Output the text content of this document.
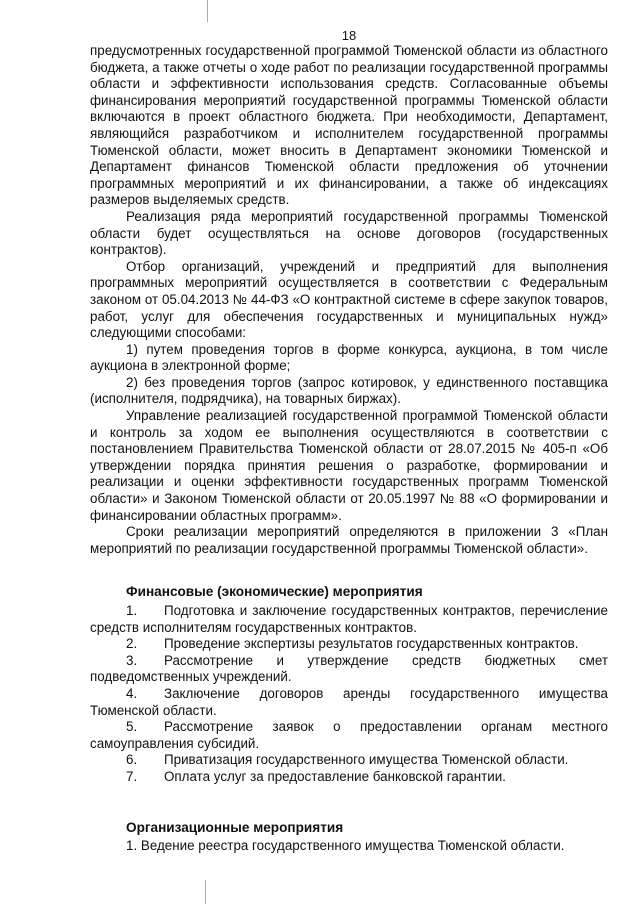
18

предусмотренных государственной программой Тюменской области из областного бюджета, а также отчеты о ходе работ по реализации государственной программы области и эффективности использования средств. Согласованные объемы финансирования мероприятий государственной программы Тюменской области включаются в проект областного бюджета. При необходимости, Департамент, являющийся разработчиком и исполнителем государственной программы Тюменской области, может вносить в Департамент экономики Тюменской и Департамент финансов Тюменской области предложения об уточнении программных мероприятий и их финансировании, а также об индексациях размеров выделяемых средств.

Реализация ряда мероприятий государственной программы Тюменской области будет осуществляться на основе договоров (государственных контрактов).

Отбор организаций, учреждений и предприятий для выполнения программных мероприятий осуществляется в соответствии с Федеральным законом от 05.04.2013 № 44-ФЗ «О контрактной системе в сфере закупок товаров, работ, услуг для обеспечения государственных и муниципальных нужд» следующими способами:

1) путем проведения торгов в форме конкурса, аукциона, в том числе аукциона в электронной форме;

2) без проведения торгов (запрос котировок, у единственного поставщика (исполнителя, подрядчика), на товарных биржах).

Управление реализацией государственной программой Тюменской области и контроль за ходом ее выполнения осуществляются в соответствии с постановлением Правительства Тюменской области от 28.07.2015 № 405-п «Об утверждении порядка принятия решения о разработке, формировании и реализации и оценки эффективности государственных программ Тюменской области» и Законом Тюменской области от 20.05.1997 № 88 «О формировании и финансировании областных программ».

Сроки реализации мероприятий определяются в приложении 3 «План мероприятий по реализации государственной программы Тюменской области».

Финансовые (экономические) мероприятия
1. Подготовка и заключение государственных контрактов, перечисление средств исполнителям государственных контрактов.
2. Проведение экспертизы результатов государственных контрактов.
3. Рассмотрение и утверждение средств бюджетных смет подведомственных учреждений.
4. Заключение договоров аренды государственного имущества Тюменской области.
5. Рассмотрение заявок о предоставлении органам местного самоуправления субсидий.
6. Приватизация государственного имущества Тюменской области.
7. Оплата услуг за предоставление банковской гарантии.
Организационные мероприятия

1. Ведение реестра государственного имущества Тюменской области.
